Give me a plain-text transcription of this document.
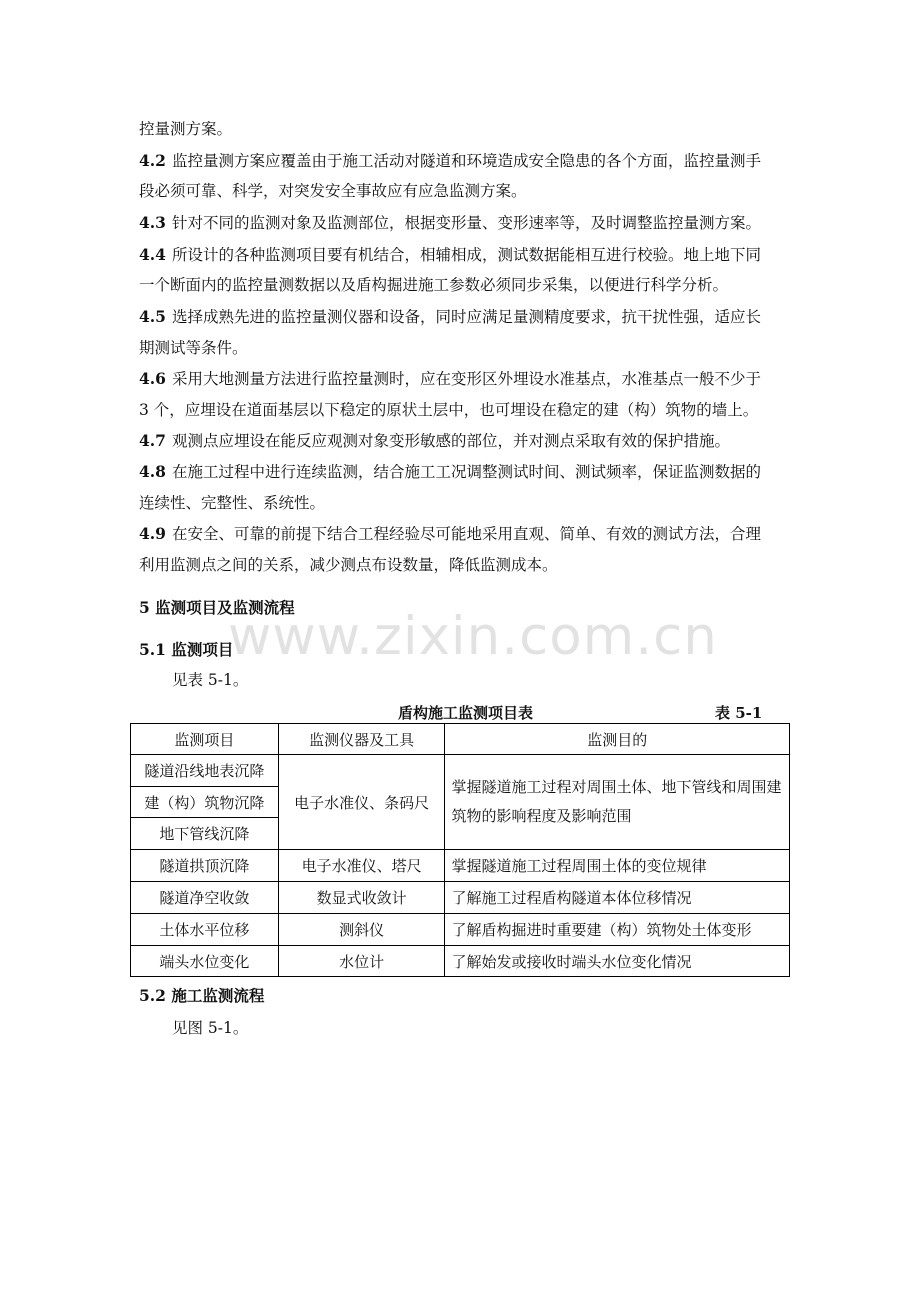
控量测方案。
4.2 监控量测方案应覆盖由于施工活动对隧道和环境造成安全隐患的各个方面，监控量测手
段必须可靠、科学，对突发安全事故应有应急监测方案。
4.3 针对不同的监测对象及监测部位，根据变形量、变形速率等，及时调整监控量测方案。
4.4 所设计的各种监测项目要有机结合，相辅相成，测试数据能相互进行校验。地上地下同
一个断面内的监控量测数据以及盾构掘进施工参数必须同步采集，以便进行科学分析。
4.5 选择成熟先进的监控量测仪器和设备，同时应满足量测精度要求，抗干扰性强，适应长
期测试等条件。
4.6 采用大地测量方法进行监控量测时，应在变形区外埋设水准基点，水准基点一般不少于
3 个，应埋设在道面基层以下稳定的原状土层中，也可埋设在稳定的建（构）筑物的墙上。
4.7 观测点应埋设在能反应观测对象变形敏感的部位，并对测点采取有效的保护措施。
4.8 在施工过程中进行连续监测，结合施工工况调整测试时间、测试频率，保证监测数据的
连续性、完整性、系统性。
4.9 在安全、可靠的前提下结合工程经验尽可能地采用直观、简单、有效的测试方法，合理
利用监测点之间的关系，减少测点布设数量，降低监测成本。
www.zixin.com.cn
5 监测项目及监测流程
5.1 监测项目
见表 5-1。
盾构施工监测项目表	表 5-1
监测项目	监测仪器及工具	监测目的
隧道沿线地表沉降	电子水准仪、条码尺	掌握隧道施工过程对周围土体、地下管线和周围建筑物的影响程度及影响范围
建（构）筑物沉降		
地下管线沉降		
隧道拱顶沉降	电子水准仪、塔尺	掌握隧道施工过程周围土体的变位规律
隧道净空收敛	数显式收敛计	了解施工过程盾构隧道本体位移情况
土体水平位移	测斜仪	了解盾构掘进时重要建（构）筑物处土体变形
端头水位变化	水位计	了解始发或接收时端头水位变化情况
5.2 施工监测流程
见图 5-1。
